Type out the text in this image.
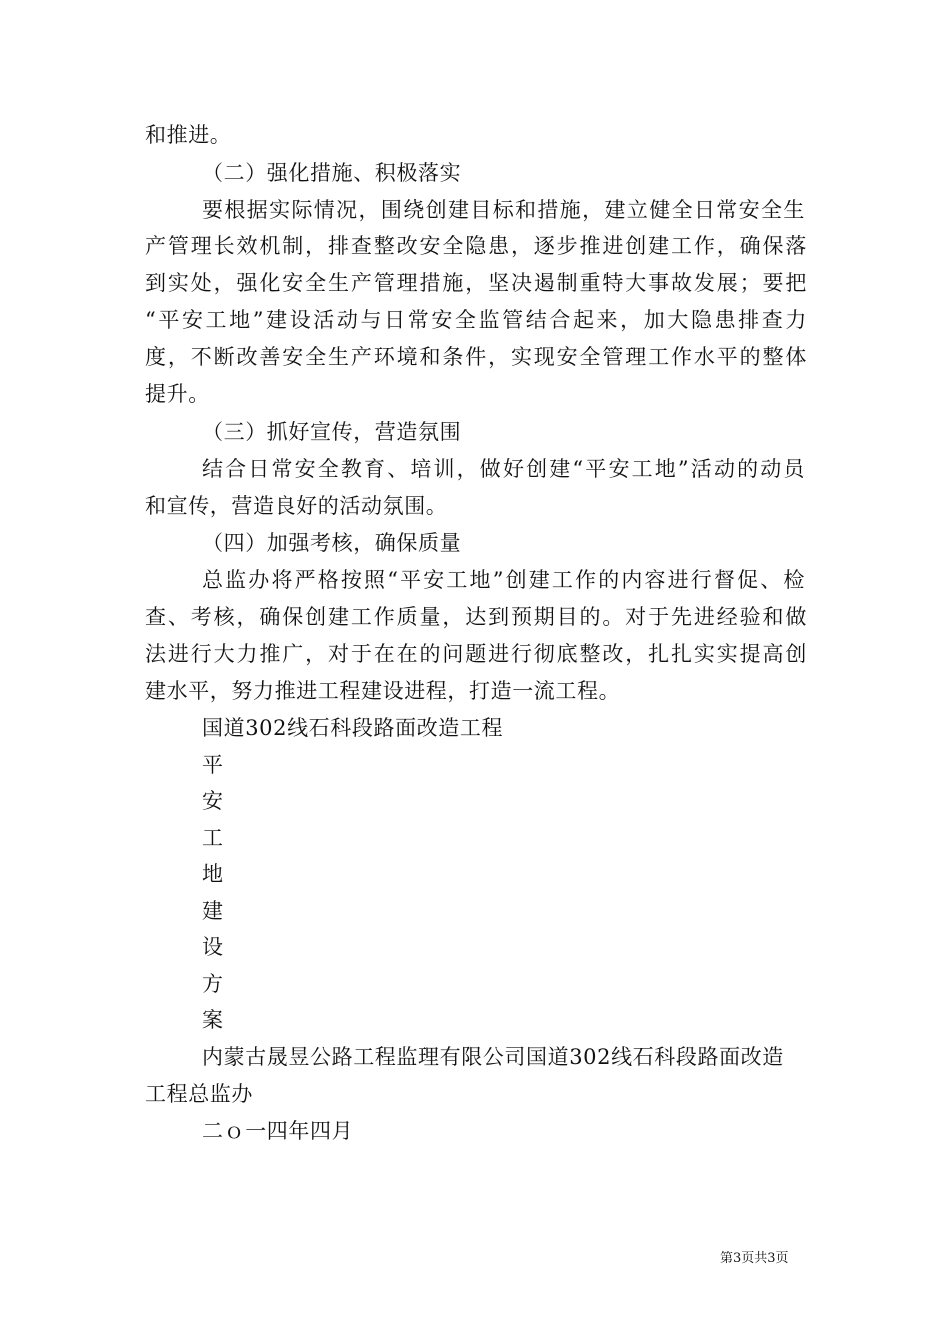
和推进。
（二）强化措施、积极落实
要根据实际情况，围绕创建目标和措施，建立健全日常安全生
产管理长效机制，排查整改安全隐患，逐步推进创建工作，确保落
到实处，强化安全生产管理措施，坚决遏制重特大事故发展；要把
“平安工地”建设活动与日常安全监管结合起来，加大隐患排查力
度，不断改善安全生产环境和条件，实现安全管理工作水平的整体
提升。
（三）抓好宣传，营造氛围
结合日常安全教育、培训，做好创建“平安工地”活动的动员
和宣传，营造良好的活动氛围。
（四）加强考核，确保质量
总监办将严格按照“平安工地”创建工作的内容进行督促、检
查、考核，确保创建工作质量，达到预期目的。对于先进经验和做
法进行大力推广，对于在在的问题进行彻底整改，扎扎实实提高创
建水平，努力推进工程建设进程，打造一流工程。
国道302线石科段路面改造工程
平
安
工
地
建
设
方
案
内蒙古晟昱公路工程监理有限公司国道302线石科段路面改造
工程总监办
二ｏ一四年四月
第3页共3页
